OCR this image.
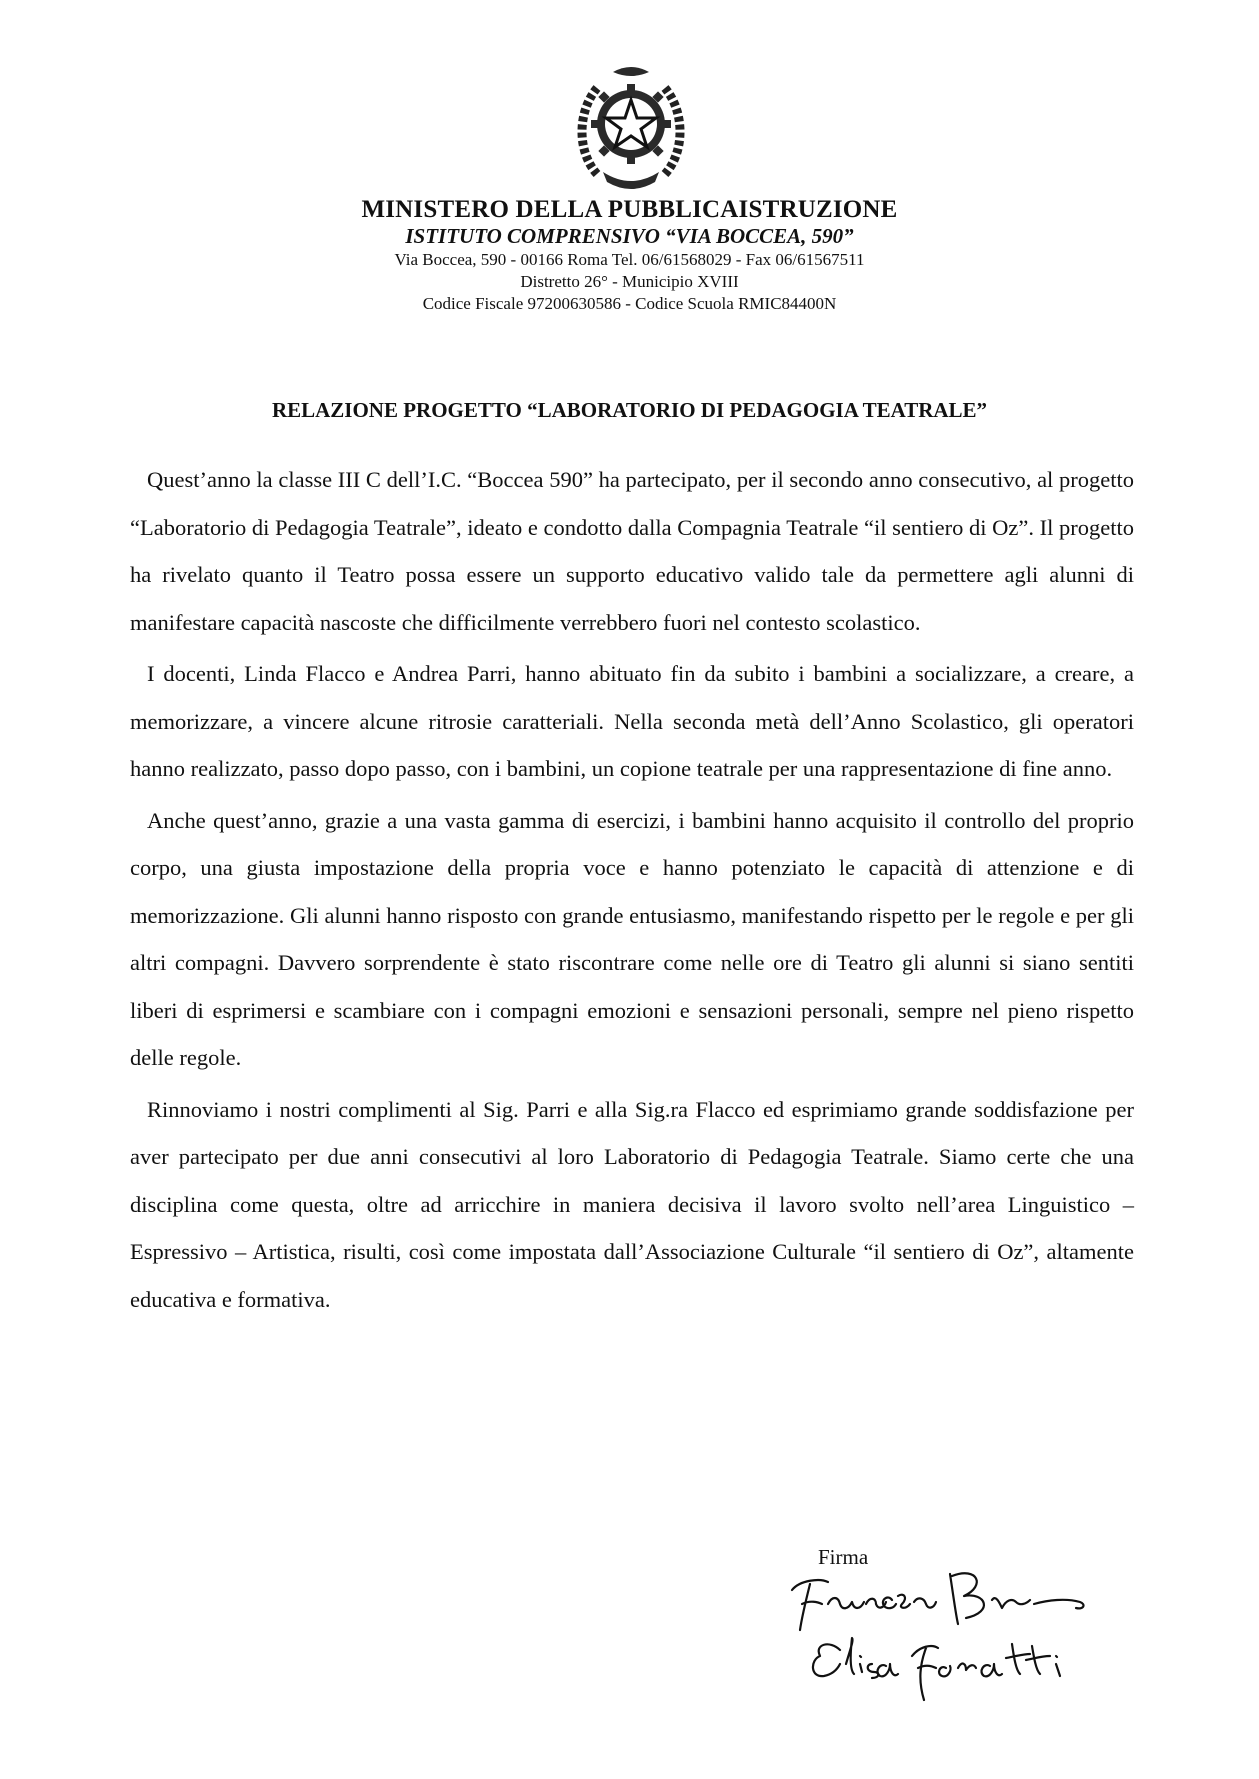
MINISTERO DELLA PUBBLICAISTRUZIONE

ISTITUTO COMPRENSIVO “VIA BOCCEA, 590”

Via Boccea, 590 - 00166 Roma Tel. 06/61568029 - Fax 06/61567511

Distretto 26° - Municipio XVIII

Codice Fiscale 97200630586 - Codice Scuola RMIC84400N

RELAZIONE PROGETTO “LABORATORIO DI PEDAGOGIA TEATRALE”

Quest’anno la classe III C dell’I.C. “Boccea 590” ha partecipato, per il secondo anno consecutivo, al progetto “Laboratorio di Pedagogia Teatrale”, ideato e condotto dalla Compagnia Teatrale “il sentiero di Oz”. Il progetto ha rivelato quanto il Teatro possa essere un supporto educativo valido tale da permettere agli alunni di manifestare capacità nascoste che difficilmente verrebbero fuori nel contesto scolastico.

I docenti, Linda Flacco e Andrea Parri, hanno abituato fin da subito i bambini a socializzare, a creare, a memorizzare, a vincere alcune ritrosie caratteriali. Nella seconda metà dell’Anno Scolastico, gli operatori hanno realizzato, passo dopo passo, con i bambini, un copione teatrale per una rappresentazione di fine anno.

Anche quest’anno, grazie a una vasta gamma di esercizi, i bambini hanno acquisito il controllo del proprio corpo, una giusta impostazione della propria voce e hanno potenziato le capacità di attenzione e di memorizzazione. Gli alunni hanno risposto con grande entusiasmo, manifestando rispetto per le regole e per gli altri compagni. Davvero sorprendente è stato riscontrare come nelle ore di Teatro gli alunni si siano sentiti liberi di esprimersi e scambiare con i compagni emozioni e sensazioni personali, sempre nel pieno rispetto delle regole.

Rinnoviamo i nostri complimenti al Sig. Parri e alla Sig.ra Flacco ed esprimiamo grande soddisfazione per aver partecipato per due anni consecutivi al loro Laboratorio di Pedagogia Teatrale. Siamo certe che una disciplina come questa, oltre ad arricchire in maniera decisiva il lavoro svolto nell’area Linguistico – Espressivo – Artistica, risulti, così come impostata dall’Associazione Culturale “il sentiero di Oz”, altamente educativa e formativa.

Firma
